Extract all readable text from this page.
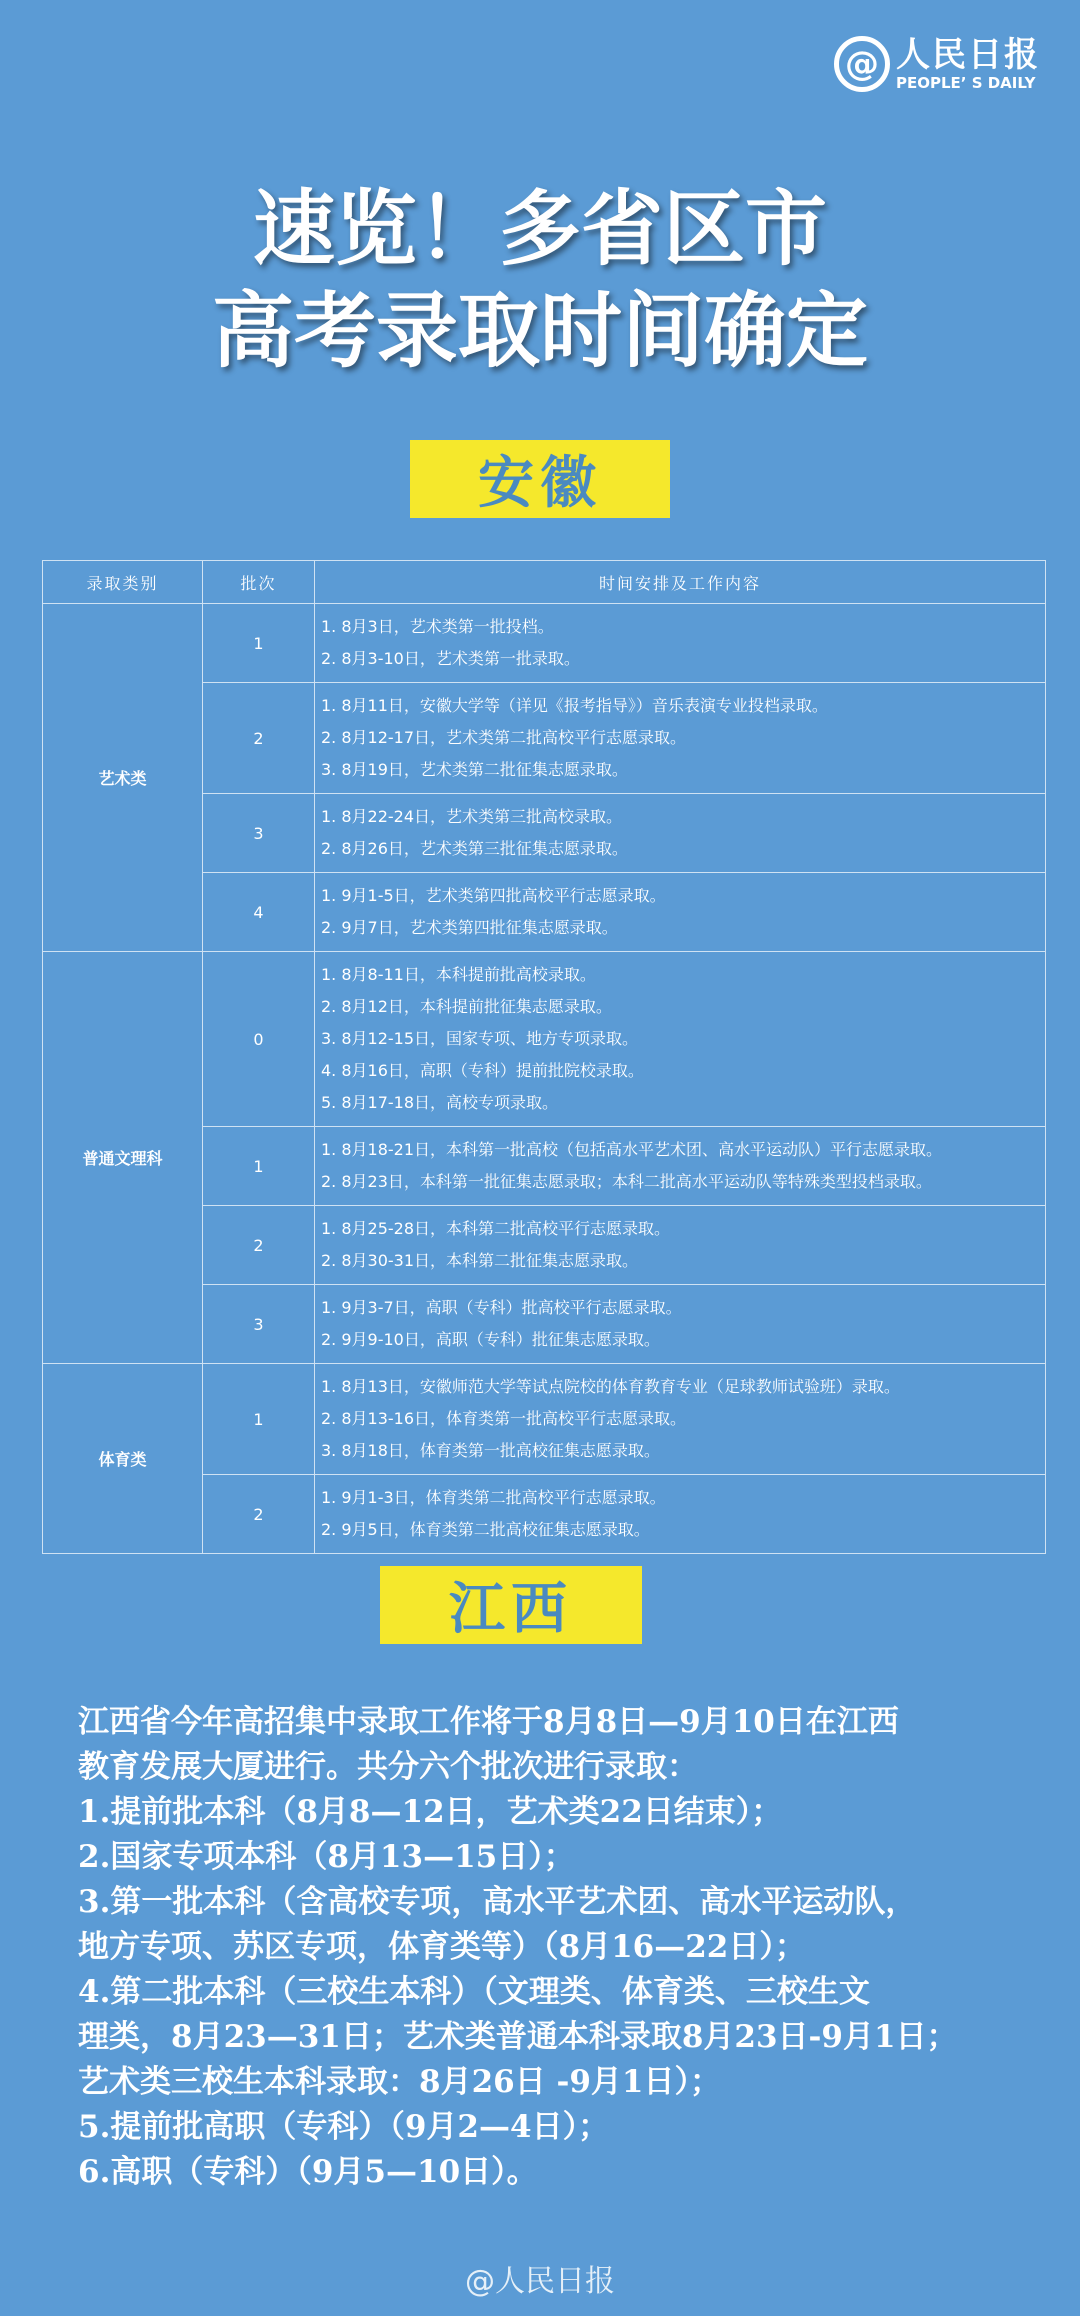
@ 人民日报
PEOPLE’ S DAILY
速览！多省区市
高考录取时间确定
安徽
录取类别	批次	时间安排及工作内容
艺术类	1	1. 8月3日，艺术类第一批投档。
2. 8月3-10日，艺术类第一批录取。

	2	1. 8月11日，安徽大学等（详见《报考指导》）音乐表演专业投档录取。
2. 8月12-17日，艺术类第二批高校平行志愿录取。
3. 8月19日，艺术类第二批征集志愿录取。

	3	1. 8月22-24日，艺术类第三批高校录取。
2. 8月26日，艺术类第三批征集志愿录取。

	4	1. 9月1-5日，艺术类第四批高校平行志愿录取。
2. 9月7日，艺术类第四批征集志愿录取。

普通文理科	0	1. 8月8-11日，本科提前批高校录取。
2. 8月12日，本科提前批征集志愿录取。
3. 8月12-15日，国家专项、地方专项录取。
4. 8月16日，高职（专科）提前批院校录取。
5. 8月17-18日，高校专项录取。

	1	1. 8月18-21日，本科第一批高校（包括高水平艺术团、高水平运动队）平行志愿录取。
2. 8月23日，本科第一批征集志愿录取；本科二批高水平运动队等特殊类型投档录取。

	2	1. 8月25-28日，本科第二批高校平行志愿录取。
2. 8月30-31日，本科第二批征集志愿录取。

	3	1. 9月3-7日，高职（专科）批高校平行志愿录取。
2. 9月9-10日，高职（专科）批征集志愿录取。

体育类	1	1. 8月13日，安徽师范大学等试点院校的体育教育专业（足球教师试验班）录取。
2. 8月13-16日，体育类第一批高校平行志愿录取。
3. 8月18日，体育类第一批高校征集志愿录取。

	2	1. 9月1-3日，体育类第二批高校平行志愿录取。
2. 9月5日，体育类第二批高校征集志愿录取。
江西

江西省今年高招集中录取工作将于8月8日—9月10日在江西

教育发展大厦进行。共分六个批次进行录取：

1.提前批本科（8月8—12日，艺术类22日结束）；

2.国家专项本科（8月13—15日）；

3.第一批本科（含高校专项，高水平艺术团、高水平运动队，

地方专项、苏区专项，体育类等）（8月16—22日）；

4.第二批本科（三校生本科）（文理类、体育类、三校生文

理类，8月23—31日；艺术类普通本科录取8月23日-9月1日；

艺术类三校生本科录取：8月26日 -9月1日）；

5.提前批高职（专科）（9月2—4日）；

6.高职（专科）（9月5—10日）。

@人民日报
